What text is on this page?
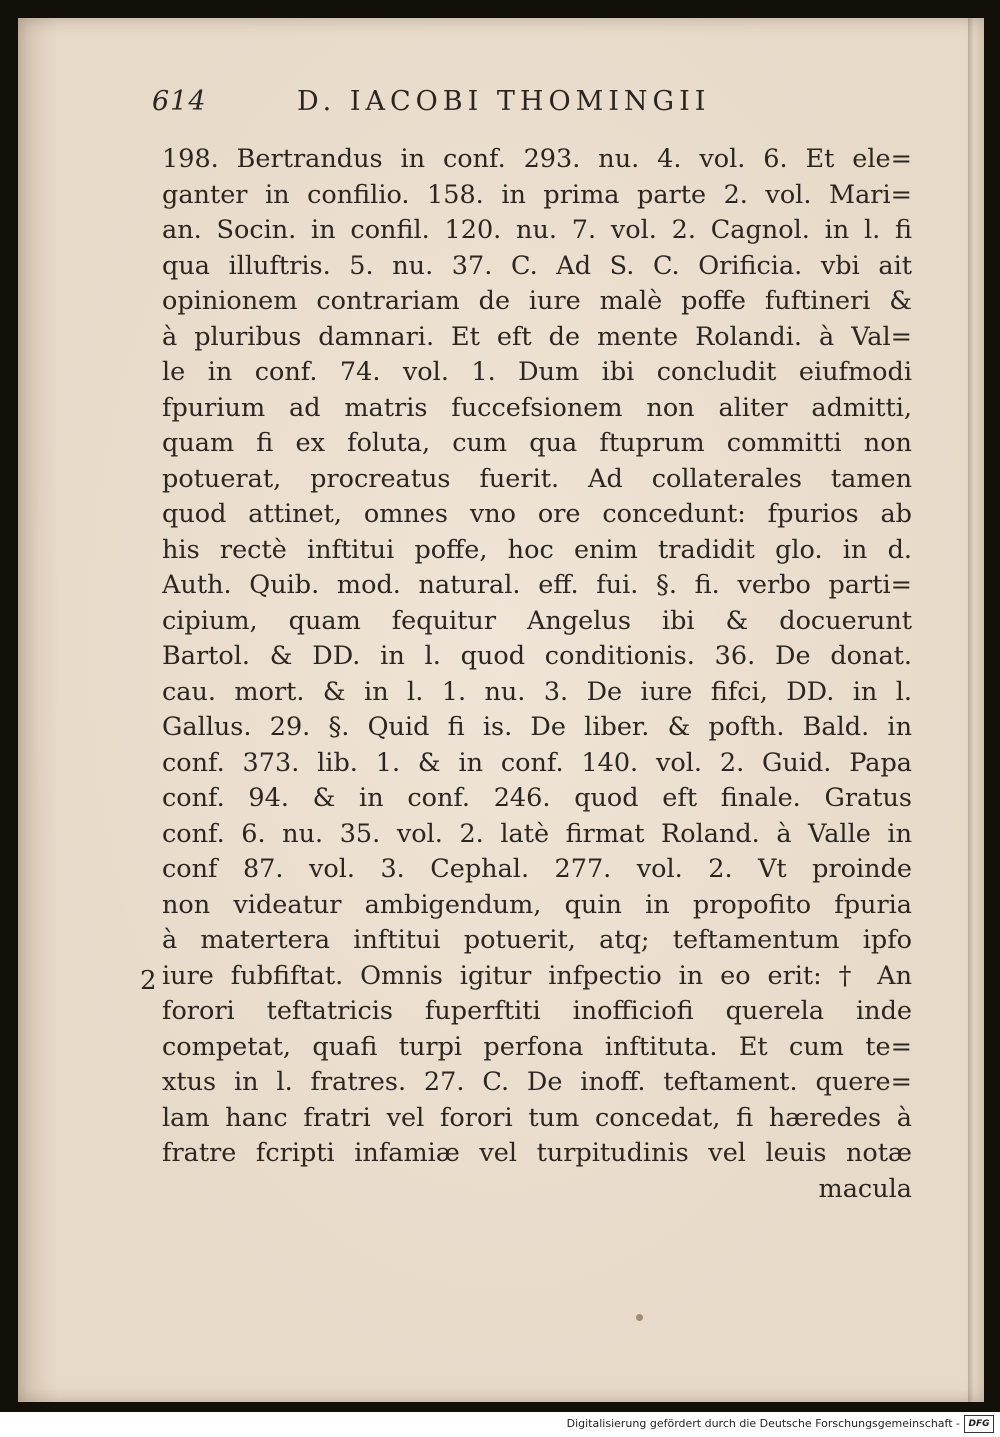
614	D. IACOBI THOMINGII
2
198. Bertrandus in conf. 293. nu. 4. vol. 6. Et ele=
ganter in confilio. 158. in prima parte 2. vol. Mari=
an. Socin. in confil. 120. nu. 7. vol. 2. Cagnol. in l. fi
qua illuftris. 5. nu. 37. C. Ad S. C. Orificia. vbi ait
opinionem contrariam de iure malè poffe fuftineri &
à pluribus damnari. Et eft de mente Rolandi. à Val=
le in conf. 74. vol. 1. Dum ibi concludit eiufmodi
fpurium ad matris fuccefsionem non aliter admitti,
quam fi ex foluta, cum qua ftuprum committi non
potuerat, procreatus fuerit. Ad collaterales tamen
quod attinet, omnes vno ore concedunt: fpurios ab
his rectè inftitui poffe, hoc enim tradidit glo. in d.
Auth. Quib. mod. natural. eff. fui. §. fi. verbo parti=
cipium, quam fequitur Angelus ibi & docuerunt
Bartol. & DD. in l. quod conditionis. 36. De donat.
cau. mort. & in l. 1. nu. 3. De iure fifci, DD. in l.
Gallus. 29. §. Quid fi is. De liber. & pofth. Bald. in
conf. 373. lib. 1. & in conf. 140. vol. 2. Guid. Papa
conf. 94. & in conf. 246. quod eft finale. Gratus
conf. 6. nu. 35. vol. 2. latè firmat Roland. à Valle in
conf 87. vol. 3. Cephal. 277. vol. 2. Vt proinde
non videatur ambigendum, quin in propofito fpuria
à matertera inftitui potuerit, atq; teftamentum ipfo
iure fubfiftat. Omnis igitur infpectio in eo erit: † An
forori teftatricis fuperftiti inofficiofi querela inde
competat, quafi turpi perfona inftituta. Et cum te=
xtus in l. fratres. 27. C. De inoff. teftament. quere=
lam hanc fratri vel forori tum concedat, fi hæredes à
fratre fcripti infamiæ vel turpitudinis vel leuis notæ
macula
Digitalisierung gefördert durch die Deutsche Forschungsgemeinschaft - DFG
